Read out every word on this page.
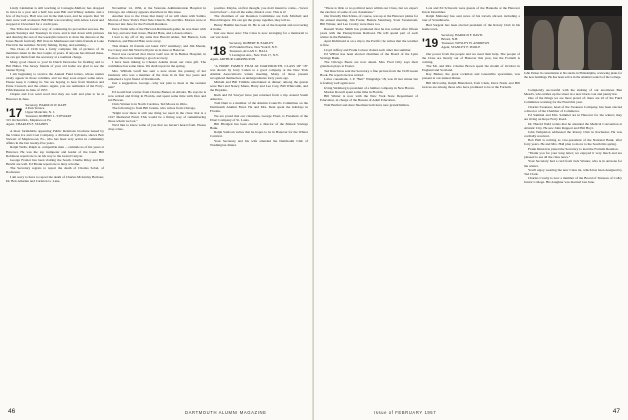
Lindy Lindsman is still teaching at Carnegie-Mellon; has dropped in twice in a year and a half; has seen Bill and Whitey Adams, and a few of the boys. Hall was out in the mid-west, and he reports that '16 men were well scattered. Bill Hall was traveling with Amos Lewis and stopped at Cleveland for a credit pass.

The Tribe has found a way of continuing its proverbial success. He spends Sundays and Tuesdays in town, and is tied down with pictures and dancing the rest of the week (his latest is to draw the dancers at the Jones Beach festival). Bill lives in Manhasset and visits friends at Lake Placid in the summer. Strictly fishing, flying, and painting...

The Class of 1916 has a fairly complete file of pictures of its members taken in the last couple of years. If anyone has missed these, he can get them from the secretary at a nominal charge.

Many good cheers to you! In Dutch Deveacke for fielding and to Hal Huber. The Jersey friends of your old home are glad to see the banner flying.

I am beginning to receive the Annual Fund letters, whose names rarely appear in those columns, and we may soon expect some news. Please keep it coming in. We are hoping to hear from Sheldon and Ernie Caswell, and the others. Again, you are reminded of the Forty-Fifth Reunion in June of 1957.

Chapin and Cox send word that they are well and plan to be at Hanover in June.

'17
Secretary, HAROLD W. RAPP
4 Park Terrace
Upper Montclair, N. J.
Treasurer, ROBERT L. STEWART
315 Orchard Rd., Maplewood, Pa.
Agent, CHARLES F. STAINES

A most formidable appearing Public Relations brochure issued by the Union Ice and Coal Company, a division of Sylvania, shows Bob Stewart of Maplewood, Pa., who has been very active in community affairs in the last twenty-five years.

Ralph Wells, Ralph A. compatible man ... reminds us of his years at Hanover. He was the top trumpeter and leader of the band. Bill Robinson reports he is on his way to the Grand Canyon.

George Frazier has been visiting the South. Charlie Riley and Bill Hewitt are well. Ed Bronk reports he is busy at home.

The Secretary regrets to report the death of Charles Sobel, of Rochester.

I am sorry to have to report the death of Charles McGinley Barbour, Dr. Bob Amsden and Carleton G. Lane.

November 14, 1956, at the Veterans Administration Hospital in Chicago. An obituary appears elsewhere in this issue.

Another loss to the Class that many of us will share with Sambo Morton of New York's West Side Church. He and Mrs. Morton were at Hanover last June for the Fortieth Reunion.

Dave Tuttle tells of the Harvard-Dartmouth game; he was there with his boy, and saw Ken Jones, Harold Hale, and a dozen others.

I had to lay off of my arms that Harold Alden, Ted Barnett, Jack Fullerton, and Harold Hale were away.

This makes 10 friends our latest 1957 summary; and Jim Meade, Joe Carey and Jim Ward will join us in June at Hanover.

Word was received that Oscar Gulf was ill in Bemas Hospital, in Boston. He is now making a good recovery.

I have been talking to Chester Adams about our class gift. The committee has some ideas. We shall report in the spring.

Mrs. William Graff has sent a note about the passing of her husband, who was a member of the class in its first two years and remained a loyal friend of Dartmouth.

Just a suggestion, George—why not plan to meet at the reunion tent?

Ed Gould had a letter from Charles Barker, in Atlanta. He says he is now retired and living in Florida, and spent some time with Don and Gil Bowen.

Chris Warner is in North Carolina, Ted Moore in Ohio.

The following is from Bill Grams, who writes from Chicago.

"Right now there is still one thing we need in the class: that is a 1917 Memorial Fund. This would be a fitting way of remembering those whom we lost."

We'd like to know some of you that we haven't heard from. Please drop a line.

positive. Maybe, on first thought, you don't intend to come—"never went before"—but all the same, think it over. This is it!

The chairmen of our Reunion Committee are Jack Mitchell and Harold Rogers. We can get the group together, they tell us.

Henry Hamlin has been ill. He is out of the hospital and recovering at home.

Just one more note: The Class is now arranging for a memorial to our war dead.

'18
Secretary, ROBERT B. EARLEY
43 Franklin Place, New York 8, N.Y.
Treasurer, ALLAN C. HALL
5 Lexington Ave., New York 17, N.Y.
Agent, ARTHUR CARRINGTON

"A HOME FAMILY FILM AT DARTMOUTH, CLASS OF '18" was shown by Jerry Cohen to a good company at the New York Alumni Association's winter meeting. Many of those present recognized themselves as undergraduates forty years ago.

Miriam and Bill Trimble entertained at dinner; among the guests were Bert and Nancy Mann, Harry and Lee Cary, Bill Whitcomb, and the Hopkins.

Ruth and Ed Sawyer have just returned from a trip around South America.

Tom Dent is a member of the Alumni Council's Committee on the Dartmouth Alumni Fund. He and Mrs. Dent spent the holidays in Florida.

We are proud that our classmate, George Ebert, is President of the Ebert Company of St. Louis.

Bill Blodgett has been elected a director of the Mutual Savings Bank.

Ralph Sanborn writes that he hopes to be in Hanover for the Winter Carnival.

Your Secretary and his wife attended the Dartmouth Club of Washington dinner.

46	DARTMOUTH ALUMNI MAGAZINE

"There is little or no political news within our Class, but we expect the election of some of our classmates."

Our friendly Dutch Rau, of course, was up at the Hanover plains for the annual meeting. Jim Foster, Bennie Sternberg, Sven Swanstrom, Bill Winter, and Leo Crosby were there too.

Russell Yorke Smith has promoted that he has retired after fifteen years with the Pennsylvania Railroad. He will spend part of each winter in the Bahamas.

Apul Richmond is on a trip to the Pacific; he writes that the weather is fine.

Lloyd Jeffrey and Frank Colson visited each other last summer.

Ed Wilbur has been elected chairman of the Board of the Lynn Savings Bank.

The Chicago Bears are now ahead. Mrs. Fred Lilly says their grandson plays at Exeter.

Ted Rusch has sent the Secretary a fine picture from the 1918 Green Book. He reports he has retired.

Labor consultant, J. P. "Bert" Wingridge '18, was ill last winter but is feeling well again now.

Irving Weinberg is president of a lumber company in New Haven.

Marion Rowell spent some time in Florida.

Bill Winter is now with the New York State Department of Education, in charge of the Bureau of Adult Education.

Walt Bartlett and Alex Sherman both have new grandchildren.

Lois and Ed Schwartz were guests of the Hannahs at the Hanover Inn in December.

Ralph Mahoney has sent news of his travels abroad, including a tour of Scandinavia.

Bud Sargent has been elected president of the Rotary Club in his home town.

'19
Secretary, HAROLD F. DAVIS
Bristol, N.H.
Treasurer, WESLEY H. ANDREWS
Agent, STANLEY F. POOLE

Our power from the people and we need their help. The people of the Class are mostly out of Hanover this year, but the Fortieth is coming.

The Mr. and Mrs. Charles Brown spent the month of October in England and Scotland.

Ray Barker, the great rockman and Greenville sportsman, was present at our annual dinner.

Bill McCarthy, Ralph Blanchard, Tom Clark, Dave Nash, and Bill Graves are among those who have promised to be at the Fortieth.

John Parker in consultation at his studio in Philadelphia, reviewing plans for the new buildings. He has been active in the Alumni Council of the College.

Completely successful with the sinking of our enormous Ben Mead's, who strides up the street in a new black coat and jaunty hat.

One of the things we are most proud of: there are 22 of the Fund Committee working for the Fund this year.

Charles Swanson, head of the Swanson Company, has been elected a director of the Chamber of Commerce.

Ed Sammel and Mrs. Sammel are in Hanover for the winter; they are living on Rope Ferry Road.

Dr. Harold Weld writes that he attended the Medical Convention at Atlantic City. He saw John Ruppert and Phil Hoyt.

John Templeton addressed the Rotary Club in Rochester. He was cordially received.

Bob Hall is retiring as vice-president of the National Bank, after forty years. He and Mrs. Hall plan to move to the South this spring.

Frank Dunn has joined the Secretary to lead the Fortieth Reunion.

"Thank you for your long letter; we enjoyed it very much and are pleased to see all the class news."

Your Secretary had a card from Jack Warner, who is in Arizona for the winter.

You'll enjoy wearing the new Class tie, which has been designed by Ted Clark.

Charles Crosby is now a member of the Board of Trustees of Colby Junior College. His daughter was married last June.

Issue of FEBRUARY 1957	47
